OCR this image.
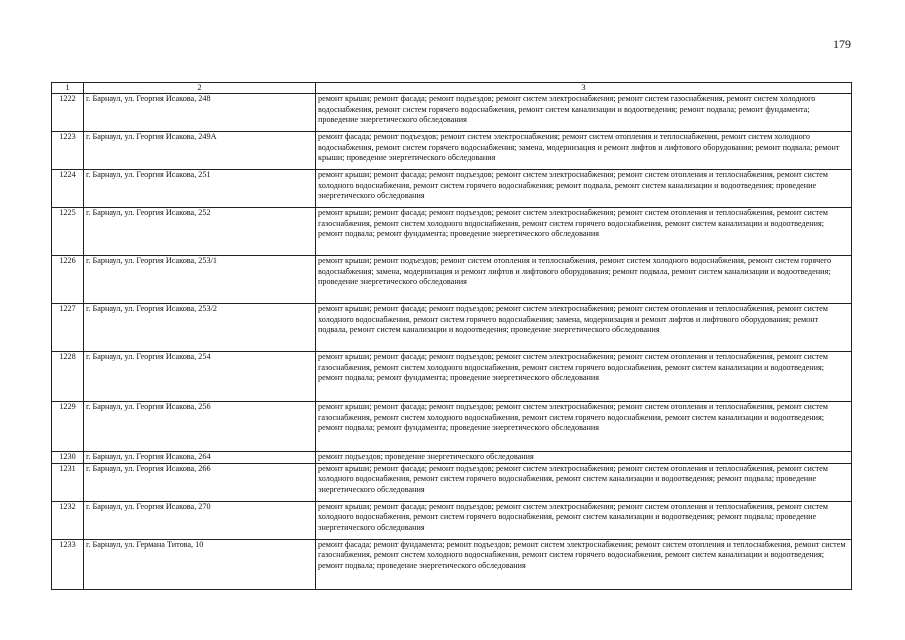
179
1	2	3
1222	г. Барнаул, ул. Георгия Исакова, 248	ремонт крыши; ремонт фасада; ремонт подъездов; ремонт систем электроснабжения; ремонт систем газоснабжения, ремонт систем холодного водоснабжения, ремонт систем горячего водоснабжения, ремонт систем канализации и водоотведения; ремонт подвала; ремонт фундамента; проведение энергетического обследования
1223	г. Барнаул, ул. Георгия Исакова, 249А	ремонт фасада; ремонт подъездов; ремонт систем электроснабжения; ремонт систем отопления и теплоснабжения, ремонт систем холодного водоснабжения, ремонт систем горячего водоснабжения; замена, модернизация и ремонт лифтов и лифтового оборудования; ремонт подвала; ремонт крыши; проведение энергетического обследования
1224	г. Барнаул, ул. Георгия Исакова, 251	ремонт крыши; ремонт фасада; ремонт подъездов; ремонт систем электроснабжения; ремонт систем отопления и теплоснабжения, ремонт систем холодного водоснабжения, ремонт систем горячего водоснабжения; ремонт подвала, ремонт систем канализации и водоотведения; проведение энергетического обследования
1225	г. Барнаул, ул. Георгия Исакова, 252	ремонт крыши; ремонт фасада; ремонт подъездов; ремонт систем электроснабжения; ремонт систем отопления и теплоснабжения, ремонт систем газоснабжения, ремонт систем холодного водоснабжения, ремонт систем горячего водоснабжения, ремонт систем канализации и водоотведения; ремонт подвала; ремонт фундамента; проведение энергетического обследования
1226	г. Барнаул, ул. Георгия Исакова, 253/1	ремонт крыши; ремонт подъездов; ремонт систем отопления и теплоснабжения, ремонт систем холодного водоснабжения, ремонт систем горячего водоснабжения; замена, модернизация и ремонт лифтов и лифтового оборудования; ремонт подвала, ремонт систем канализации и водоотведения; проведение энергетического обследования
1227	г. Барнаул, ул. Георгия Исакова, 253/2	ремонт крыши; ремонт фасада; ремонт подъездов; ремонт систем электроснабжения; ремонт систем отопления и теплоснабжения, ремонт систем холодного водоснабжения, ремонт систем горячего водоснабжения; замена, модернизация и ремонт лифтов и лифтового оборудования; ремонт подвала, ремонт систем канализации и водоотведения; проведение энергетического обследования
1228	г. Барнаул, ул. Георгия Исакова, 254	ремонт крыши; ремонт фасада; ремонт подъездов; ремонт систем электроснабжения; ремонт систем отопления и теплоснабжения, ремонт систем газоснабжения, ремонт систем холодного водоснабжения, ремонт систем горячего водоснабжения, ремонт систем канализации и водоотведения; ремонт подвала; ремонт фундамента; проведение энергетического обследования
1229	г. Барнаул, ул. Георгия Исакова, 256	ремонт крыши; ремонт фасада; ремонт подъездов; ремонт систем электроснабжения; ремонт систем отопления и теплоснабжения, ремонт систем газоснабжения, ремонт систем холодного водоснабжения, ремонт систем горячего водоснабжения, ремонт систем канализации и водоотведения; ремонт подвала; ремонт фундамента; проведение энергетического обследования
1230	г. Барнаул, ул. Георгия Исакова, 264	ремонт подъездов; проведение энергетического обследования
1231	г. Барнаул, ул. Георгия Исакова, 266	ремонт крыши; ремонт фасада; ремонт подъездов; ремонт систем электроснабжения; ремонт систем отопления и теплоснабжения, ремонт систем холодного водоснабжения, ремонт систем горячего водоснабжения, ремонт систем канализации и водоотведения; ремонт подвала; проведение энергетического обследования
1232	г. Барнаул, ул. Георгия Исакова, 270	ремонт крыши; ремонт фасада; ремонт подъездов; ремонт систем электроснабжения; ремонт систем отопления и теплоснабжения, ремонт систем холодного водоснабжения, ремонт систем горячего водоснабжения, ремонт систем канализации и водоотведения; ремонт подвала; проведение энергетического обследования
1233	г. Барнаул, ул. Германа Титова, 10	ремонт фасада; ремонт фундамента; ремонт подъездов; ремонт систем электроснабжения; ремонт систем отопления и теплоснабжения, ремонт систем газоснабжения, ремонт систем холодного водоснабжения, ремонт систем горячего водоснабжения, ремонт систем канализации и водоотведения; ремонт подвала; проведение энергетического обследования
